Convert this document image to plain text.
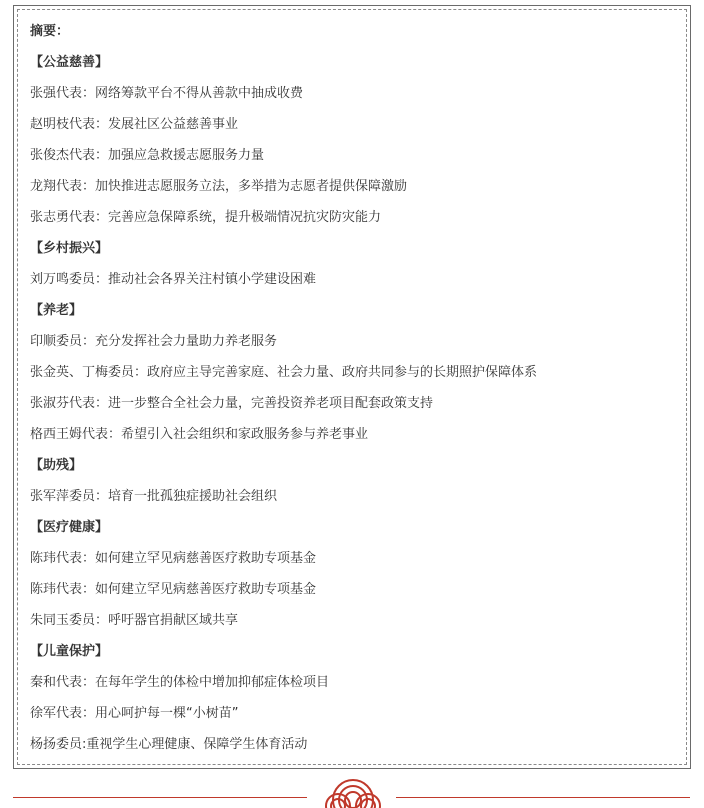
摘要：
【公益慈善】
张强代表：网络筹款平台不得从善款中抽成收费
赵明枝代表：发展社区公益慈善事业
张俊杰代表：加强应急救援志愿服务力量
龙翔代表：加快推进志愿服务立法，多举措为志愿者提供保障激励
张志勇代表：完善应急保障系统，提升极端情况抗灾防灾能力
【乡村振兴】
刘万鸣委员：推动社会各界关注村镇小学建设困难
【养老】
印顺委员：充分发挥社会力量助力养老服务
张金英、丁梅委员：政府应主导完善家庭、社会力量、政府共同参与的长期照护保障体系
张淑芬代表：进一步整合全社会力量，完善投资养老项目配套政策支持
格西王姆代表：希望引入社会组织和家政服务参与养老事业
【助残】
张军萍委员：培育一批孤独症援助社会组织
【医疗健康】
陈玮代表：如何建立罕见病慈善医疗救助专项基金
陈玮代表：如何建立罕见病慈善医疗救助专项基金
朱同玉委员：呼吁器官捐献区域共享
【儿童保护】
秦和代表：在每年学生的体检中增加抑郁症体检项目
徐军代表：用心呵护每一棵“小树苗”
杨扬委员:重视学生心理健康、保障学生体育活动
